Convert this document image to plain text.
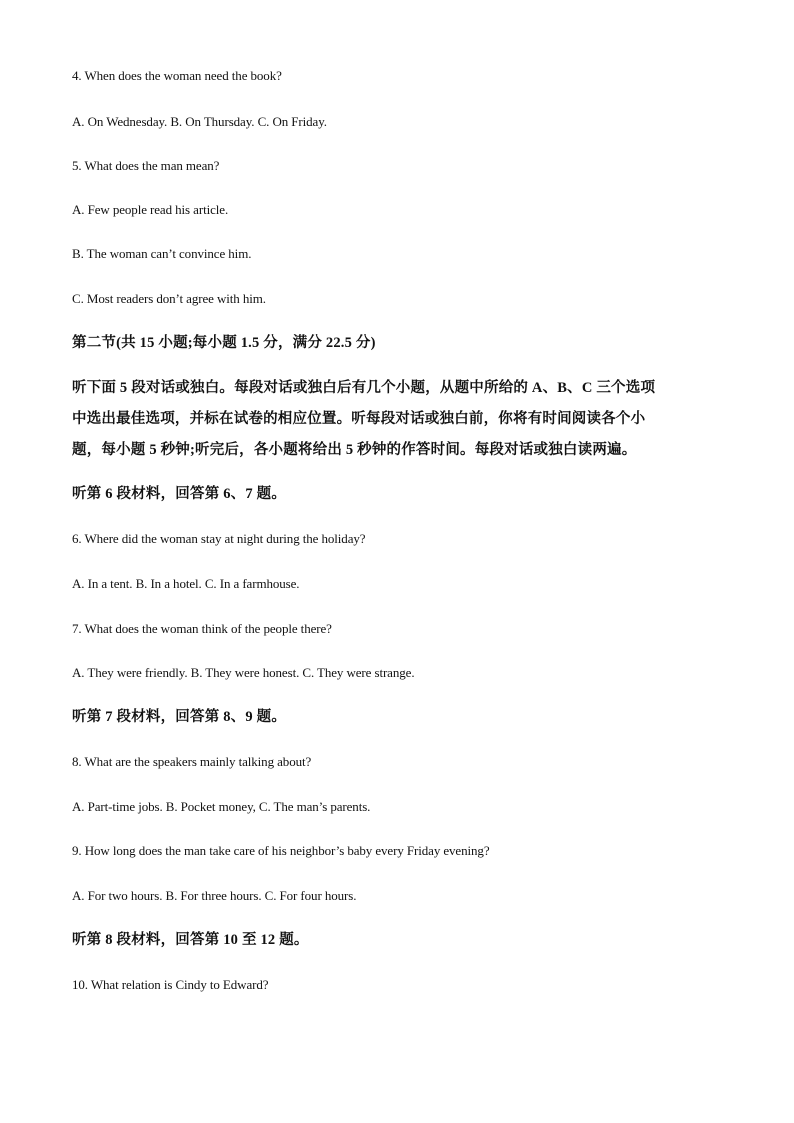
4. When does the woman need the book?
A. On Wednesday. B. On Thursday. C. On Friday.
5. What does the man mean?
A. Few people read his article.
B. The woman can’t convince him.
C. Most readers don’t agree with him.
第二节(共 15 小题;每小题 1.5 分，满分 22.5 分)
听下面 5 段对话或独白。每段对话或独白后有几个小题，从题中所给的 A、B、C 三个选项
中选出最佳选项，并标在试卷的相应位置。听每段对话或独白前，你将有时间阅读各个小
题，每小题 5 秒钟;听完后，各小题将给出 5 秒钟的作答时间。每段对话或独白读两遍。
听第 6 段材料，回答第 6、7 题。
6. Where did the woman stay at night during the holiday?
A. In a tent. B. In a hotel. C. In a farmhouse.
7. What does the woman think of the people there?
A. They were friendly. B. They were honest. C. They were strange.
听第 7 段材料，回答第 8、9 题。
8. What are the speakers mainly talking about?
A. Part-time jobs. B. Pocket money, C. The man’s parents.
9. How long does the man take care of his neighbor’s baby every Friday evening?
A. For two hours. B. For three hours. C. For four hours.
听第 8 段材料，回答第 10 至 12 题。
10. What relation is Cindy to Edward?
